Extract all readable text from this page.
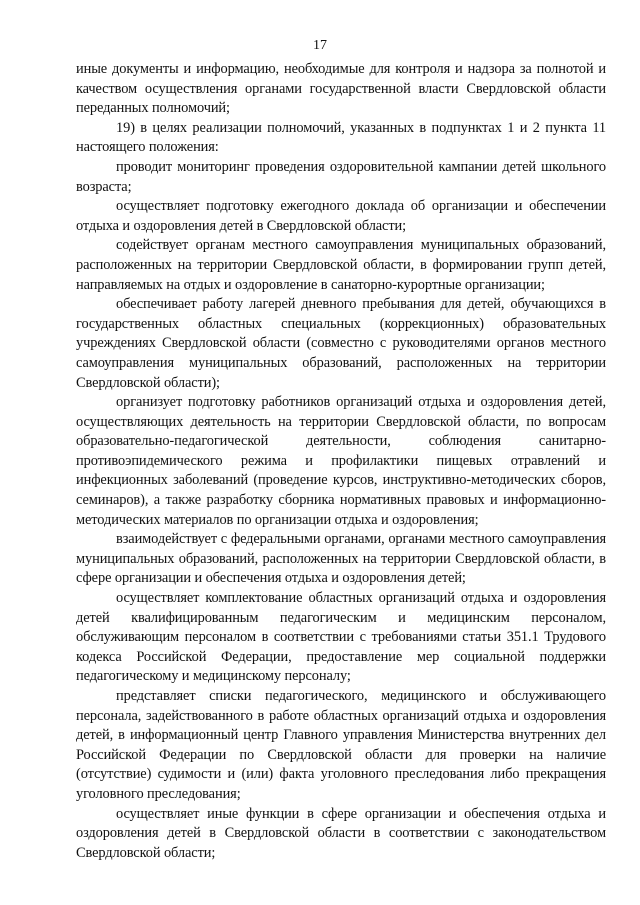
17

иные документы и информацию, необходимые для контроля и надзора за полнотой и качеством осуществления органами государственной власти Свердловской области переданных полномочий;

19) в целях реализации полномочий, указанных в подпунктах 1 и 2 пункта 11 настоящего положения:

проводит мониторинг проведения оздоровительной кампании детей школьного возраста;

осуществляет подготовку ежегодного доклада об организации и обеспечении отдыха и оздоровления детей в Свердловской области;

содействует органам местного самоуправления муниципальных образований, расположенных на территории Свердловской области, в формировании групп детей, направляемых на отдых и оздоровление в санаторно-курортные организации;

обеспечивает работу лагерей дневного пребывания для детей, обучающихся в государственных областных специальных (коррекционных) образовательных учреждениях Свердловской области (совместно с руководителями органов местного самоуправления муниципальных образований, расположенных на территории Свердловской области);

организует подготовку работников организаций отдыха и оздоровления детей, осуществляющих деятельность на территории Свердловской области, по вопросам образовательно-педагогической деятельности, соблюдения санитарно-противоэпидемического режима и профилактики пищевых отравлений и инфекционных заболеваний (проведение курсов, инструктивно-методических сборов, семинаров), а также разработку сборника нормативных правовых и информационно-методических материалов по организации отдыха и оздоровления;

взаимодействует с федеральными органами, органами местного самоуправления муниципальных образований, расположенных на территории Свердловской области, в сфере организации и обеспечения отдыха и оздоровления детей;

осуществляет комплектование областных организаций отдыха и оздоровления детей квалифицированным педагогическим и медицинским персоналом, обслуживающим персоналом в соответствии с требованиями статьи 351.1 Трудового кодекса Российской Федерации, предоставление мер социальной поддержки педагогическому и медицинскому персоналу;

представляет списки педагогического, медицинского и обслуживающего персонала, задействованного в работе областных организаций отдыха и оздоровления детей, в информационный центр Главного управления Министерства внутренних дел Российской Федерации по Свердловской области для проверки на наличие (отсутствие) судимости и (или) факта уголовного преследования либо прекращения уголовного преследования;

осуществляет иные функции в сфере организации и обеспечения отдыха и оздоровления детей в Свердловской области в соответствии с законодательством Свердловской области;
